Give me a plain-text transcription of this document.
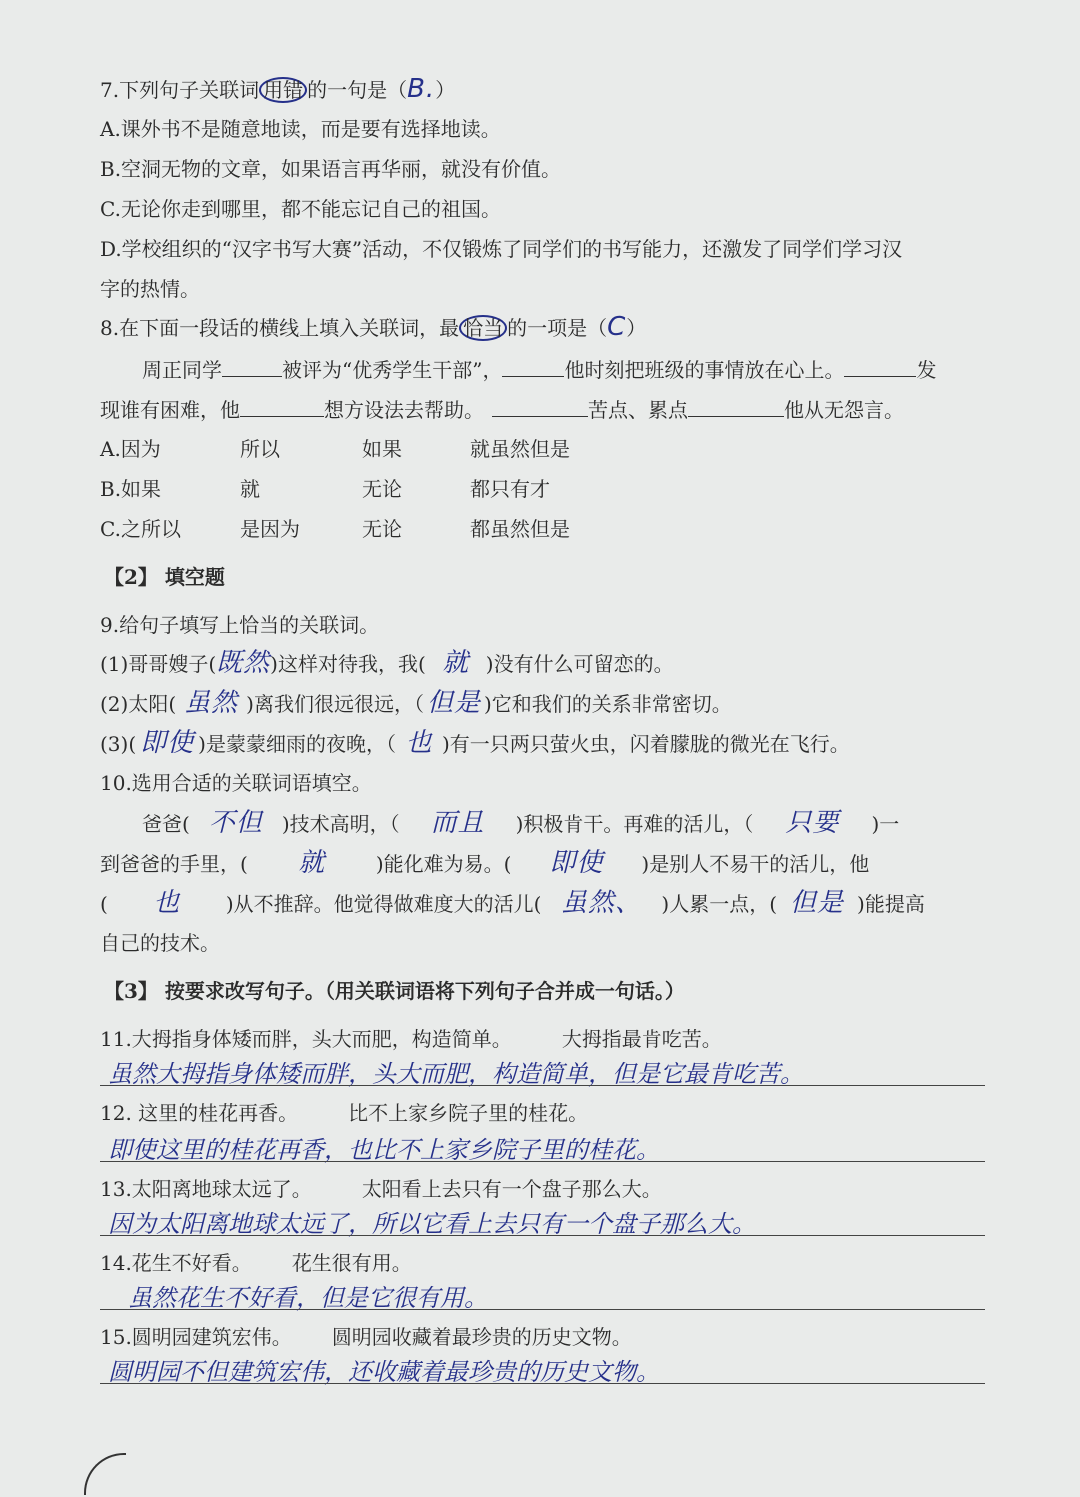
7.下列句子关联词 用错 的一句是（B.）
A.课外书不是随意地读，而是要有选择地读。
B.空洞无物的文章，如果语言再华丽，就没有价值。
C.无论你走到哪里，都不能忘记自己的祖国。
D.学校组织的“汉字书写大赛”活动，不仅锻炼了同学们的书写能力，还激发了同学们学习汉
字的热情。
8.在下面一段话的横线上填入关联词，最 恰当 的一项是（C）
周正同学	被评为“优秀学生干部”，	他时刻把班级的事情放在心上。	发
现谁有困难，他	想方设法去帮助。	苦点、累点	他从无怨言。
A.因为	所以	如果	就虽然但是
B.如果	就	无论	都只有才
C.之所以	是因为	无论	都虽然但是
【2】 填空题
9.给句子填写上恰当的关联词。
(1)哥哥嫂子(既然)这样对待我，我( 就 )没有什么可留恋的。
(2)太阳( 虽然 )离我们很远很远，（ 但是 )它和我们的关系非常密切。
(3)( 即使 )是蒙蒙细雨的夜晚，（ 也 )有一只两只萤火虫，闪着朦胧的微光在飞行。
10.选用合适的关联词语填空。
爸爸( 不但 )技术高明，（ 而且 )积极肯干。再难的活儿，（ 只要 )一
到爸爸的手里，( 就	)能化难为易。( 即使 )是别人不易干的活儿，他
( 也 )从不推辞。他觉得做难度大的活儿( 虽然、 )人累一点，( 但是 )能提高
自己的技术。
【3】 按要求改写句子。（用关联词语将下列句子合并成一句话。）
11.大拇指身体矮而胖，头大而肥，构造简单。	大拇指最肯吃苦。
虽然大拇指身体矮而胖，头大而肥，构造简单，但是它最肯吃苦。
12. 这里的桂花再香。	比不上家乡院子里的桂花。
即使这里的桂花再香，也比不上家乡院子里的桂花。
13.太阳离地球太远了。	太阳看上去只有一个盘子那么大。
因为太阳离地球太远了，所以它看上去只有一个盘子那么大。
14.花生不好看。 花生很有用。
虽然花生不好看，但是它很有用。
15.圆明园建筑宏伟。 圆明园收藏着最珍贵的历史文物。
圆明园不但建筑宏伟，还收藏着最珍贵的历史文物。
